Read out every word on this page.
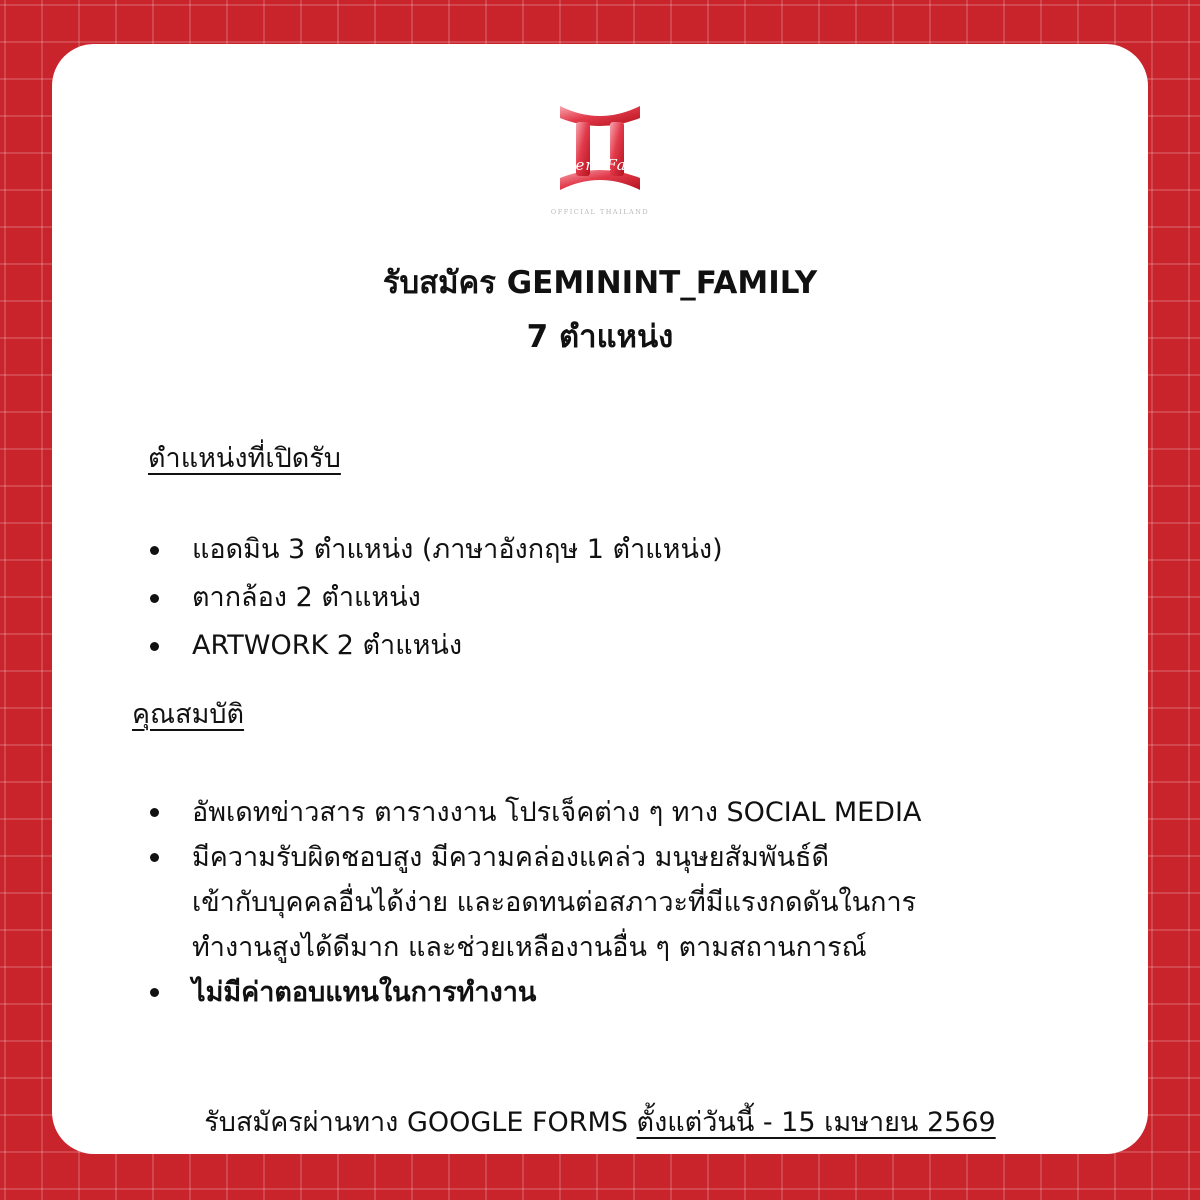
Gem Fan
OFFICIAL THAILAND
รับสมัคร GEMININT_FAMILY
7 ตำแหน่ง
ตำแหน่งที่เปิดรับ
แอดมิน 3 ตำแหน่ง (ภาษาอังกฤษ 1 ตำแหน่ง)
ตากล้อง 2 ตำแหน่ง
ARTWORK 2 ตำแหน่ง
คุณสมบัติ
อัพเดทข่าวสาร ตารางงาน โปรเจ็คต่าง ๆ ทาง SOCIAL MEDIA
มีความรับผิดชอบสูง มีความคล่องแคล่ว มนุษยสัมพันธ์ดี
เข้ากับบุคคลอื่นได้ง่าย และอดทนต่อสภาวะที่มีแรงกดดันในการ
ทำงานสูงได้ดีมาก และช่วยเหลืองานอื่น ๆ ตามสถานการณ์
ไม่มีค่าตอบแทนในการทำงาน
รับสมัครผ่านทาง GOOGLE FORMS ตั้งแต่วันนี้ - 15 เมษายน 2569
